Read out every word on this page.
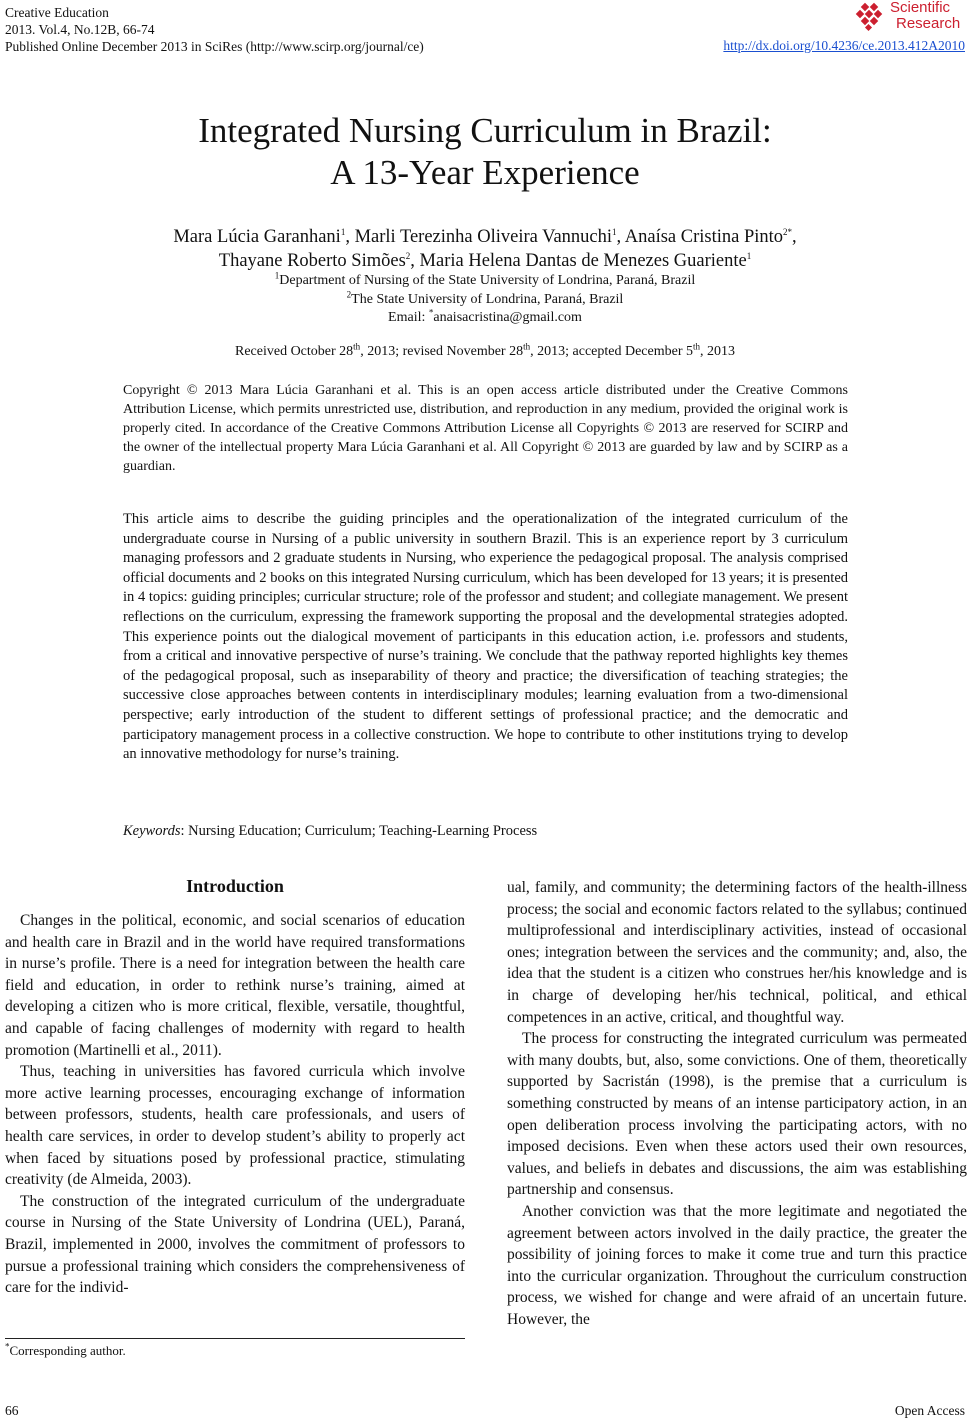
Creative Education
2013. Vol.4, No.12B, 66-74
Published Online December 2013 in SciRes (http://www.scirp.org/journal/ce)
Scientific
Research
http://dx.doi.org/10.4236/ce.2013.412A2010
Integrated Nursing Curriculum in Brazil:
A 13-Year Experience
Mara Lúcia Garanhani$^1$, Marli Terezinha Oliveira Vannuchi$^1$, Anaísa Cristina Pinto$^{2*}$,
Thayane Roberto Simões$^2$, Maria Helena Dantas de Menezes Guariente$^1$
$^1$Department of Nursing of the State University of Londrina, Paraná, Brazil
$^2$The State University of Londrina, Paraná, Brazil
Email: *anaisacristina@gmail.com
Received October 28th, 2013; revised November 28th, 2013; accepted December 5th, 2013
Copyright © 2013 Mara Lúcia Garanhani et al. This is an open access article distributed under the Creative Commons Attribution License, which permits unrestricted use, distribution, and reproduction in any medium, provided the original work is properly cited. In accordance of the Creative Commons Attribution License all Copyrights © 2013 are reserved for SCIRP and the owner of the intellectual property Mara Lúcia Garanhani et al. All Copyright © 2013 are guarded by law and by SCIRP as a guardian.
This article aims to describe the guiding principles and the operationalization of the integrated curriculum of the undergraduate course in Nursing of a public university in southern Brazil. This is an experience report by 3 curriculum managing professors and 2 graduate students in Nursing, who experience the pedagogical proposal. The analysis comprised official documents and 2 books on this integrated Nursing curriculum, which has been developed for 13 years; it is presented in 4 topics: guiding principles; curricular structure; role of the professor and student; and collegiate management. We present reflections on the curriculum, expressing the framework supporting the proposal and the developmental strategies adopted. This experience points out the dialogical movement of participants in this education action, i.e. professors and students, from a critical and innovative perspective of nurse’s training. We conclude that the pathway reported highlights key themes of the pedagogical proposal, such as inseparability of theory and practice; the diversification of teaching strategies; the successive close approaches between contents in interdisciplinary modules; learning evaluation from a two-dimensional perspective; early introduction of the student to different settings of professional practice; and the democratic and participatory management process in a collective construction. We hope to contribute to other institutions trying to develop an innovative methodology for nurse’s training.
Keywords: Nursing Education; Curriculum; Teaching-Learning Process
Introduction

Changes in the political, economic, and social scenarios of education and health care in Brazil and in the world have required transformations in nurse’s profile. There is a need for integration between the health care field and education, in order to rethink nurse’s training, aimed at developing a citizen who is more critical, flexible, versatile, thoughtful, and capable of facing challenges of modernity with regard to health promotion (Martinelli et al., 2011).

Thus, teaching in universities has favored curricula which involve more active learning processes, encouraging exchange of information between professors, students, health care professionals, and users of health care services, in order to develop student’s ability to properly act when faced by situations posed by professional practice, stimulating creativity (de Almeida, 2003).

The construction of the integrated curriculum of the undergraduate course in Nursing of the State University of Londrina (UEL), Paraná, Brazil, implemented in 2000, involves the commitment of professors to pursue a professional training which considers the comprehensiveness of care for the individ-

ual, family, and community; the determining factors of the health-illness process; the social and economic factors related to the syllabus; continued multiprofessional and interdisciplinary activities, instead of occasional ones; integration between the services and the community; and, also, the idea that the student is a citizen who construes her/his knowledge and is in charge of developing her/his technical, political, and ethical competences in an active, critical, and thoughtful way.

The process for constructing the integrated curriculum was permeated with many doubts, but, also, some convictions. One of them, theoretically supported by Sacristán (1998), is the premise that a curriculum is something constructed by means of an intense participatory action, in an open deliberation process involving the participating actors, with no imposed decisions. Even when these actors used their own resources, values, and beliefs in debates and discussions, the aim was establishing partnership and consensus.

Another conviction was that the more legitimate and negotiated the agreement between actors involved in the daily practice, the greater the possibility of joining forces to make it come true and turn this practice into the curricular organization. Throughout the curriculum construction process, we wished for change and were afraid of an uncertain future. However, the

*Corresponding author.
66	Open Access
